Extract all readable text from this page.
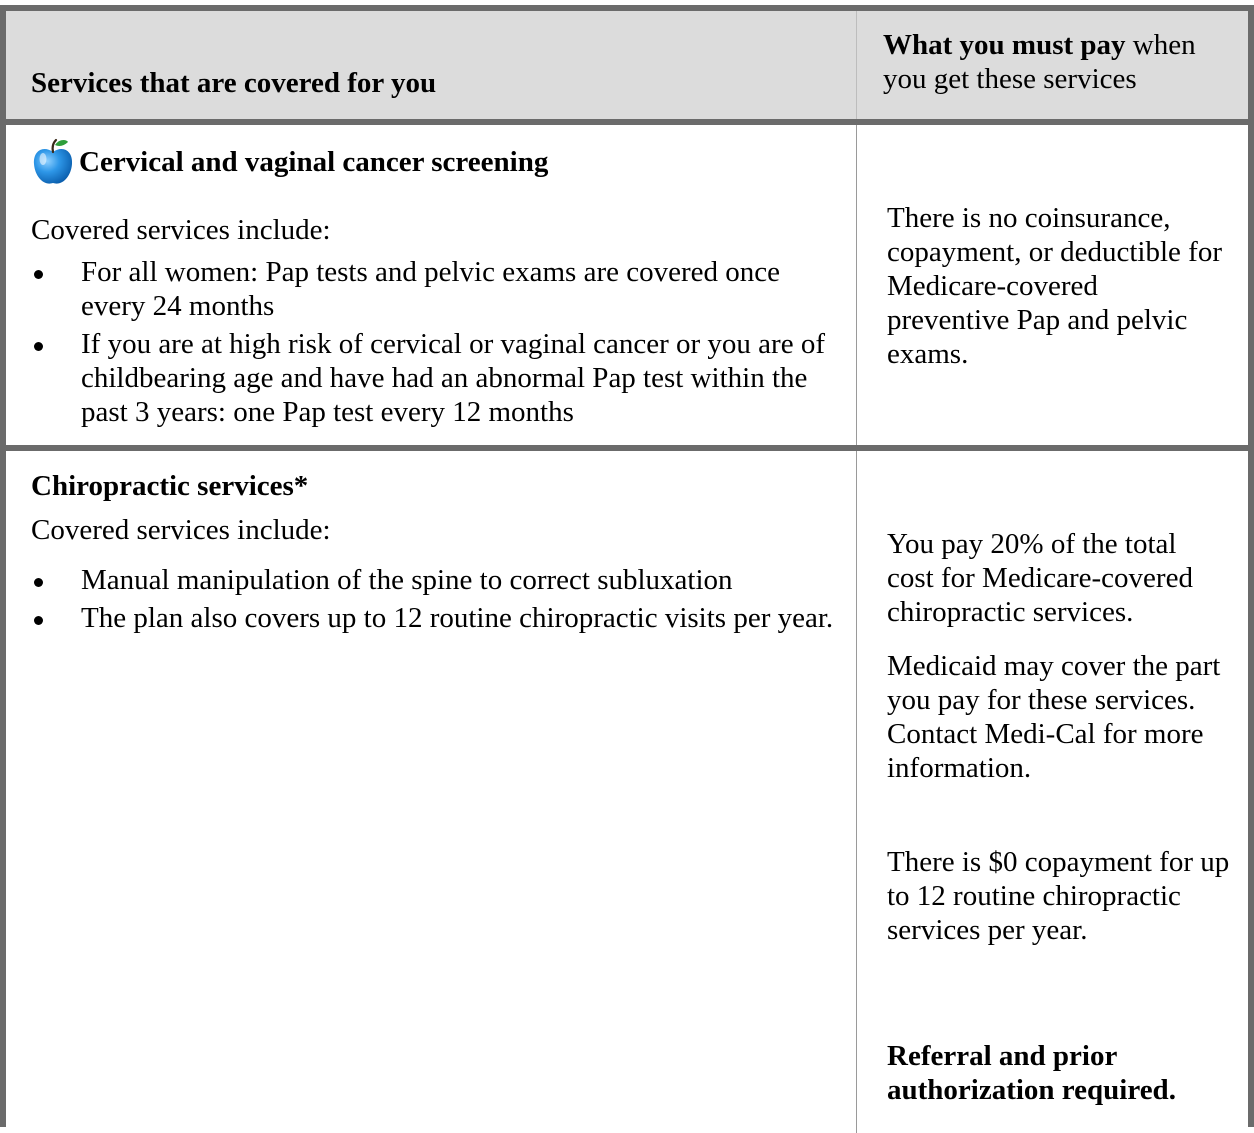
Services that are covered for you
What you must pay when you get these services
Cervical and vaginal cancer screening
Covered services include:
For all women: Pap tests and pelvic exams are covered once every 24 months
If you are at high risk of cervical or vaginal cancer or you are of childbearing age and have had an abnormal Pap test within the past 3 years: one Pap test every 12 months
There is no coinsurance, copayment, or deductible for Medicare-covered preventive Pap and pelvic exams.
Chiropractic services*
Covered services include:
Manual manipulation of the spine to correct subluxation
The plan also covers up to 12 routine chiropractic visits per year.
You pay 20% of the total cost for Medicare-covered chiropractic services.
Medicaid may cover the part you pay for these services. Contact Medi-Cal for more information.
There is $0 copayment for up to 12 routine chiropractic services per year.
Referral and prior authorization required.
